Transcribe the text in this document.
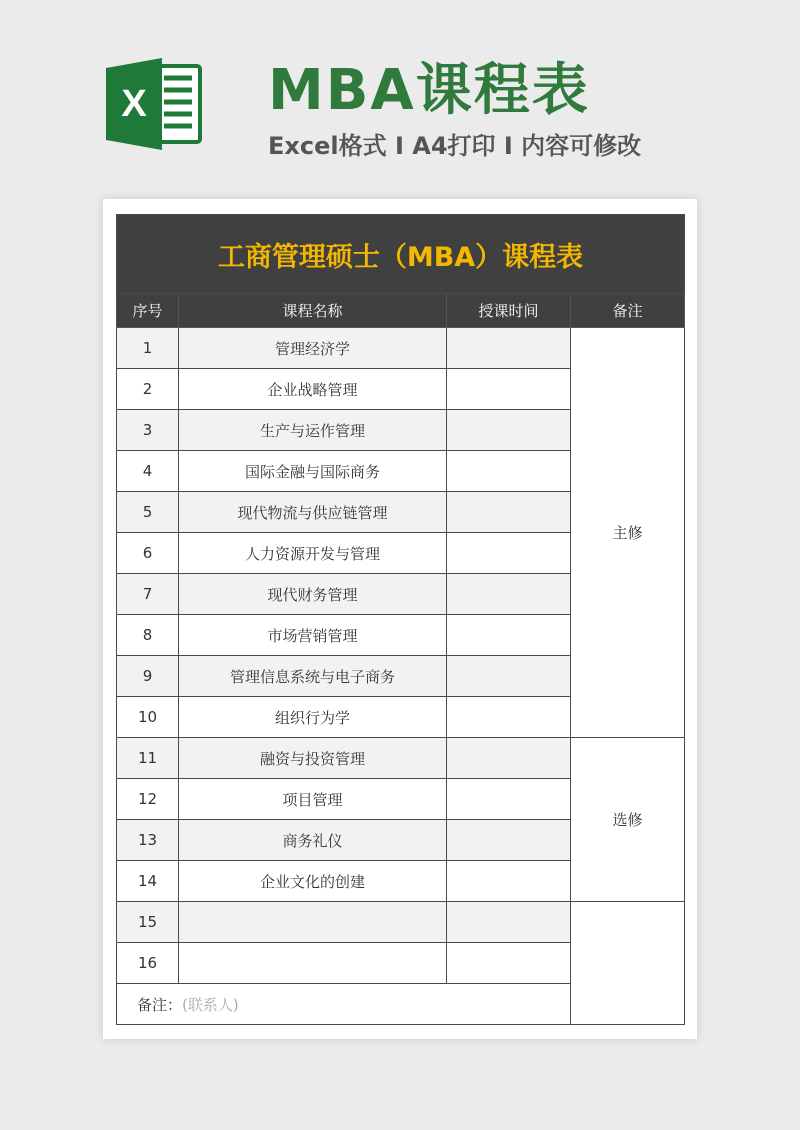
X MBA课程表
Excel格式 I A4打印 I 内容可修改
工商管理硕士（MBA）课程表			
序号	课程名称	授课时间	备注
1	管理经济学		主修
2	企业战略管理		
3	生产与运作管理		
4	国际金融与国际商务		
5	现代物流与供应链管理		
6	人力资源开发与管理		
7	现代财务管理		
8	市场营销管理		
9	管理信息系统与电子商务		
10	组织行为学		
11	融资与投资管理		选修
12	项目管理		
13	商务礼仪		
14	企业文化的创建		
15			
16			
备注：(联系人)			
